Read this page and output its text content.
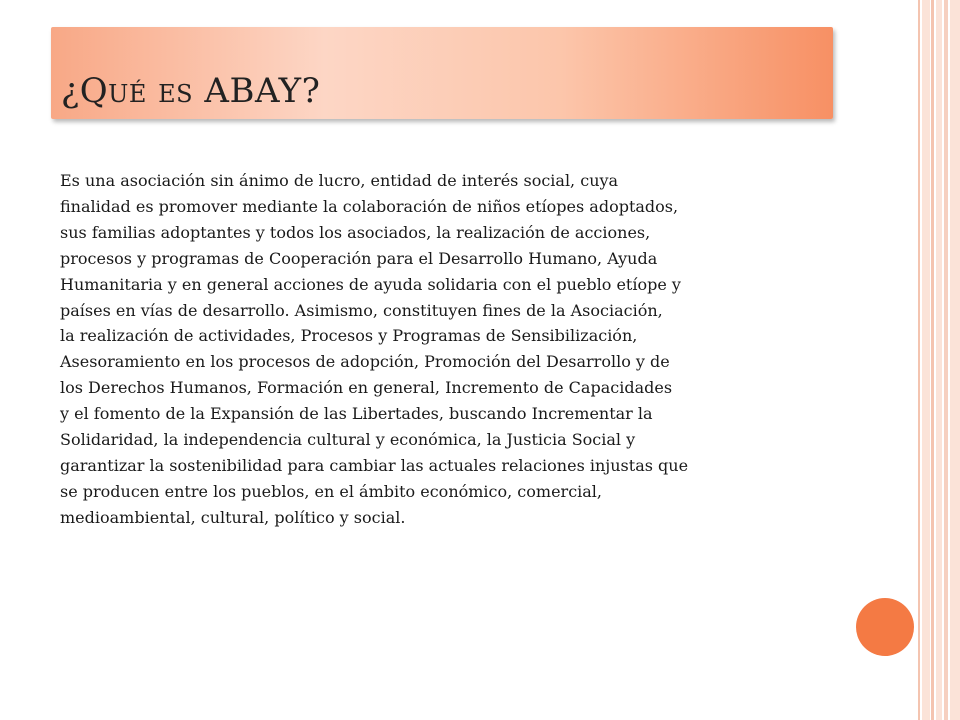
¿Qué es ABAY?
Es una asociación sin ánimo de lucro, entidad de interés social, cuya
finalidad es promover mediante la colaboración de niños etíopes adoptados,
sus familias adoptantes y todos los asociados, la realización de acciones,
procesos y programas de Cooperación para el Desarrollo Humano, Ayuda
Humanitaria y en general acciones de ayuda solidaria con el pueblo etíope y
países en vías de desarrollo. Asimismo, constituyen fines de la Asociación,
la realización de actividades, Procesos y Programas de Sensibilización,
Asesoramiento en los procesos de adopción, Promoción del Desarrollo y de
los Derechos Humanos, Formación en general, Incremento de Capacidades
y el fomento de la Expansión de las Libertades, buscando Incrementar la
Solidaridad, la independencia cultural y económica, la Justicia Social y
garantizar la sostenibilidad para cambiar las actuales relaciones injustas que
se producen entre los pueblos, en el ámbito económico, comercial,
medioambiental, cultural, político y social.
